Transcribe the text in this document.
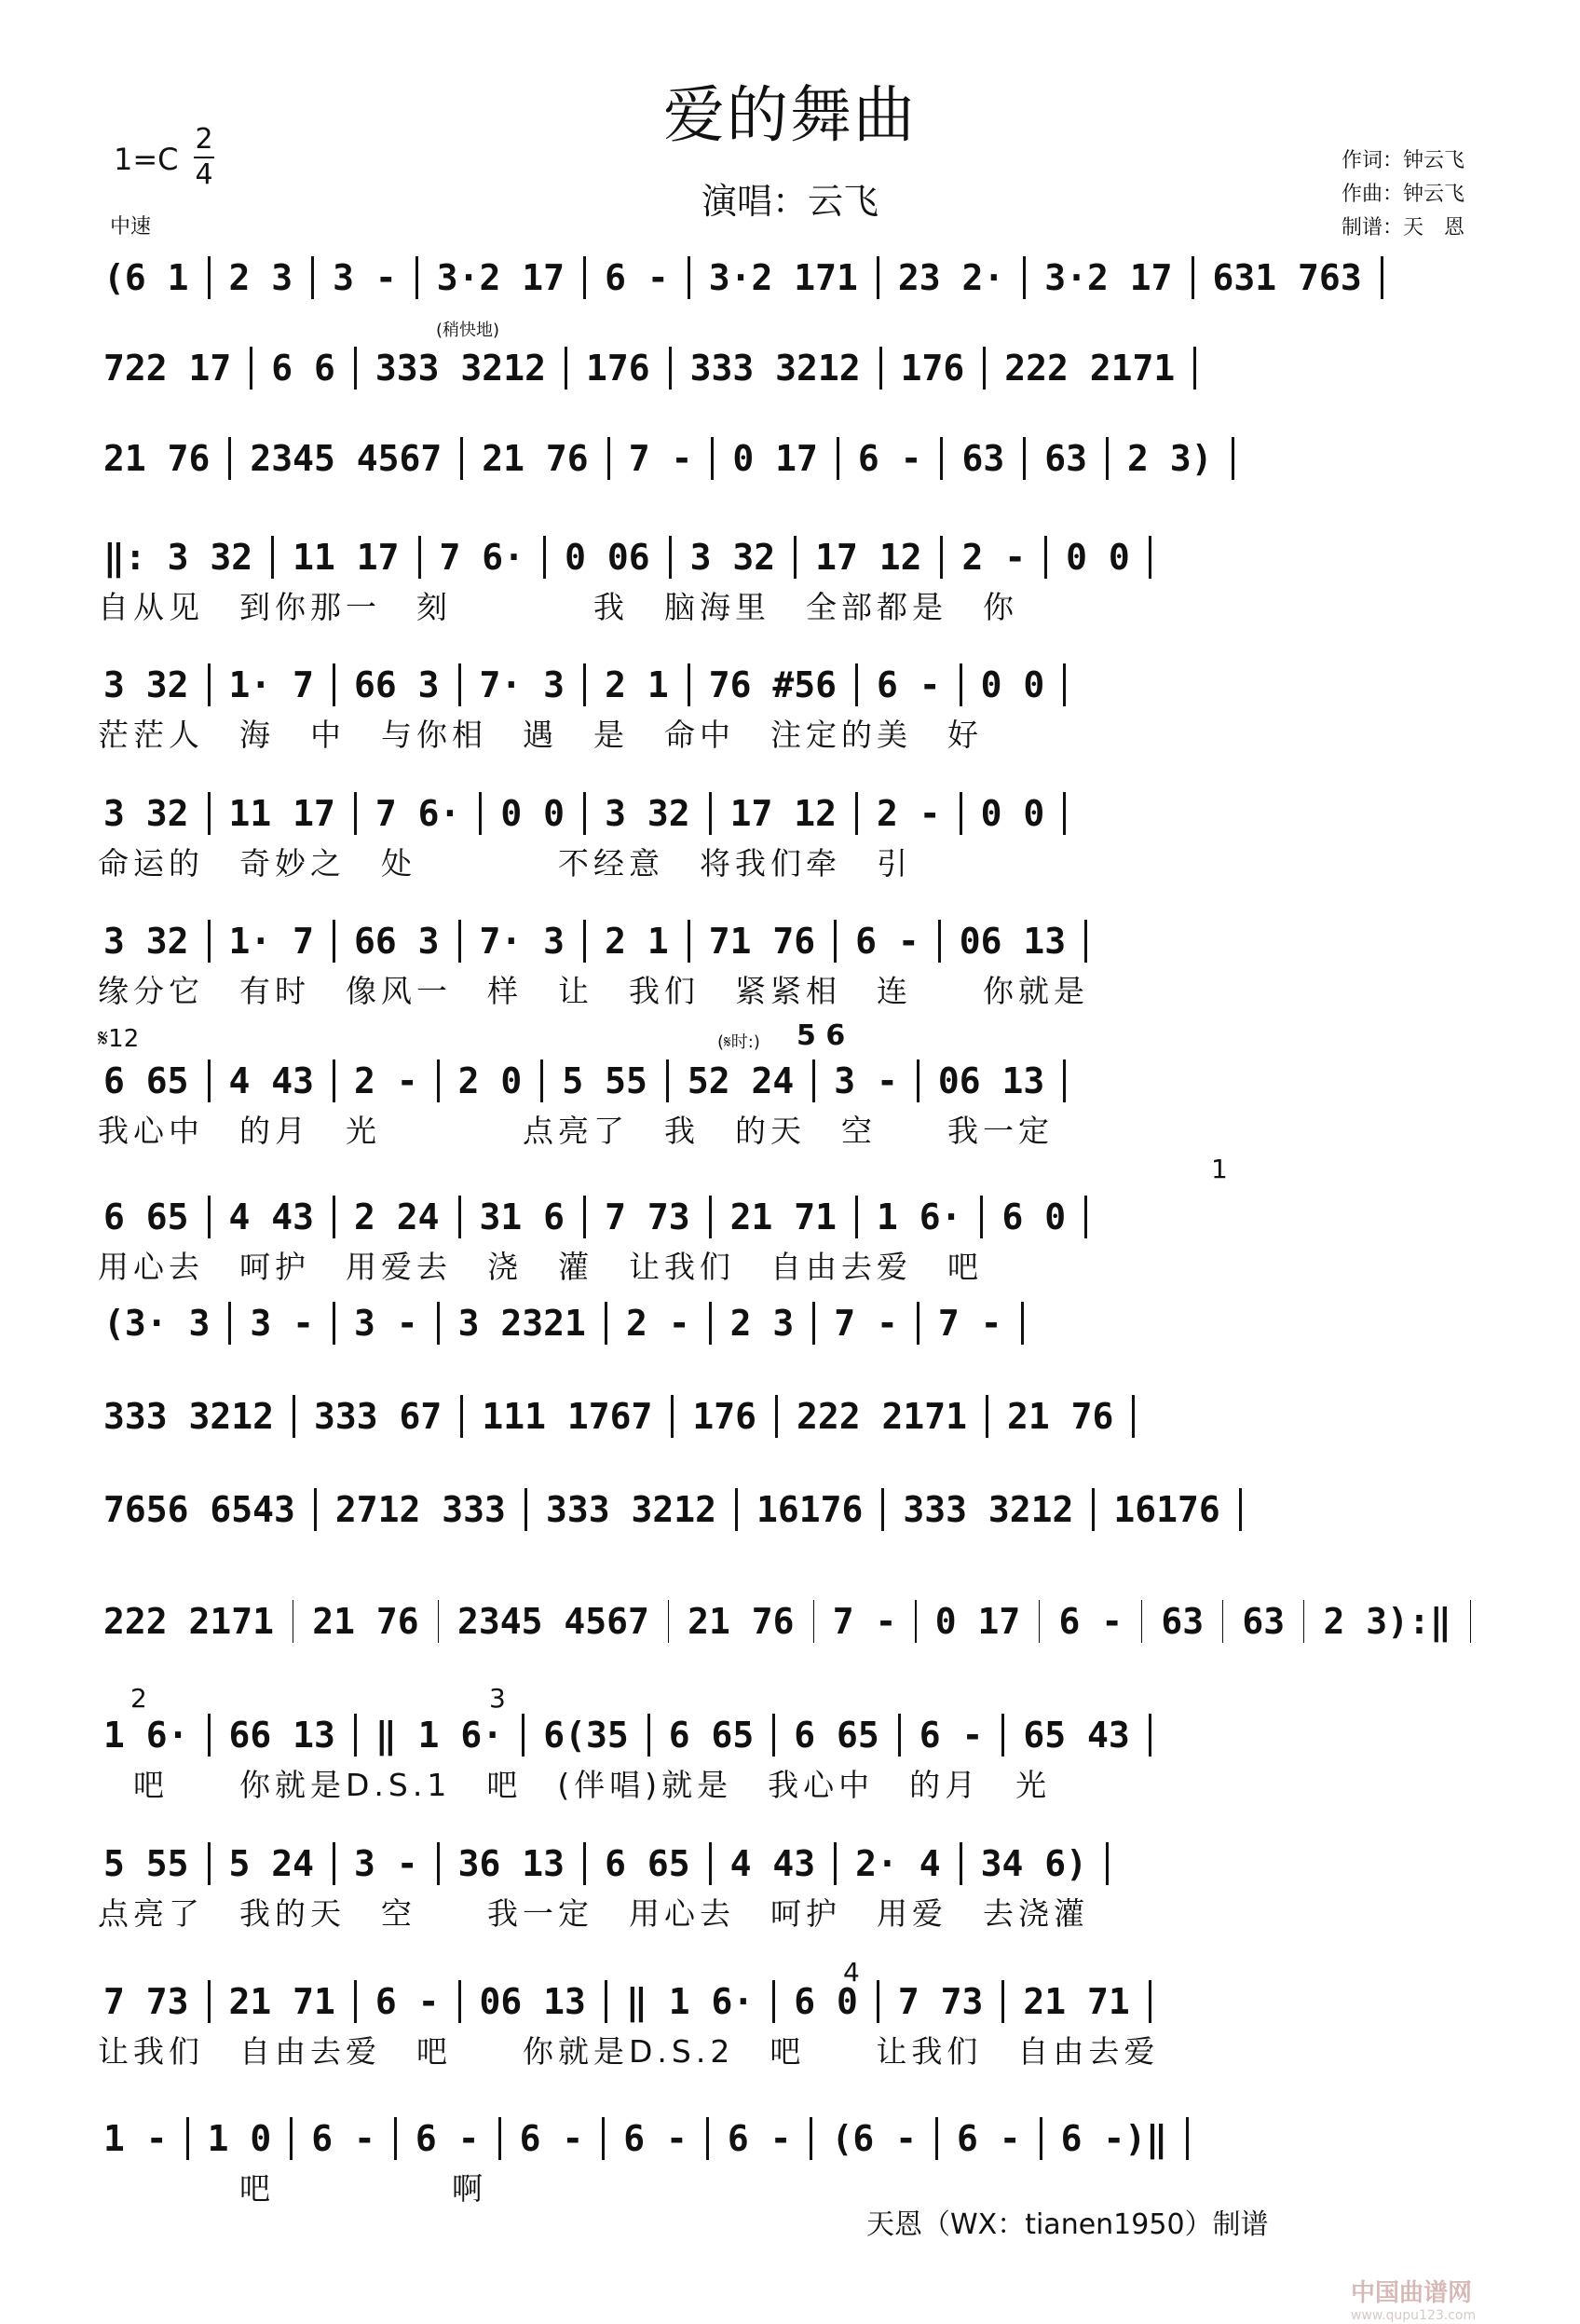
爱的舞曲
演唱：云飞
1=C
2
4
中速
作词：钟云飞
作曲：钟云飞
制谱：天　恩
(6 1 2 3 3 - 3·2 17 6 - 3·2 171 23 2· 3·2 17 631 763
722 17 6 6 333 3212 176 333 3212 176 222 2171
21 76 2345 4567 21 76 7 - 0 17 6 - 63 63 2 3)
‖: 3 32 11 17 7 6· 0 06 3 32 17 12 2 - 0 0
自从见　到你那一　刻　　　　我　脑海里　全部都是　你
3 32 1· 7 66 3 7· 3 2 1 76 #56 6 - 0 0
茫茫人　海　中　与你相　遇　是　命中　注定的美　好
3 32 11 17 7 6· 0 0 3 32 17 12 2 - 0 0
命运的　奇妙之　处　　　　不经意　将我们牵　引
3 32 1· 7 66 3 7· 3 2 1 71 76 6 - 06 13
缘分它　有时　像风一　样　让　我们　紧紧相　连　　你就是
6 65 4 43 2 - 2 0 5 55 52 24 3 - 06 13
我心中　的月　光　　　　点亮了　我　的天　空　　我一定
6 65 4 43 2 24 31 6 7 73 21 71 1 6· 6 0
用心去　呵护　用爱去　浇　灌　让我们　自由去爱　吧
(3· 3 3 - 3 - 3 2321 2 - 2 3 7 - 7 -
333 3212 333 67 111 1767 176 222 2171 21 76
7656 6543 2712 333 333 3212 16176 333 3212 16176
222 2171 21 76 2345 4567 21 76 7 - 0 17 6 - 63 63 2 3):‖
1 6· 66 13 ‖ 1 6· 6(35 6 65 6 65 6 - 65 43
　吧　　你就是D.S.1　吧　(伴唱)就是　我心中　的月　光
5 55 5 24 3 - 36 13 6 65 4 43 2· 4 34 6)
点亮了　我的天　空　　我一定　用心去　呵护　用爱　去浇灌
7 73 21 71 6 - 06 13 ‖ 1 6· 6 0 7 73 21 71
让我们　自由去爱　吧　　你就是D.S.2　吧　　让我们　自由去爱
1 - 1 0 6 - 6 - 6 - 6 - 6 - (6 - 6 - 6 -)‖
　　　　吧　　　　　啊
(稍快地)
𝄋12	(𝄋时:) 5 6
1
2	3
4
天恩（WX：tianen1950）制谱
中国曲谱网
www.qupu123.com
